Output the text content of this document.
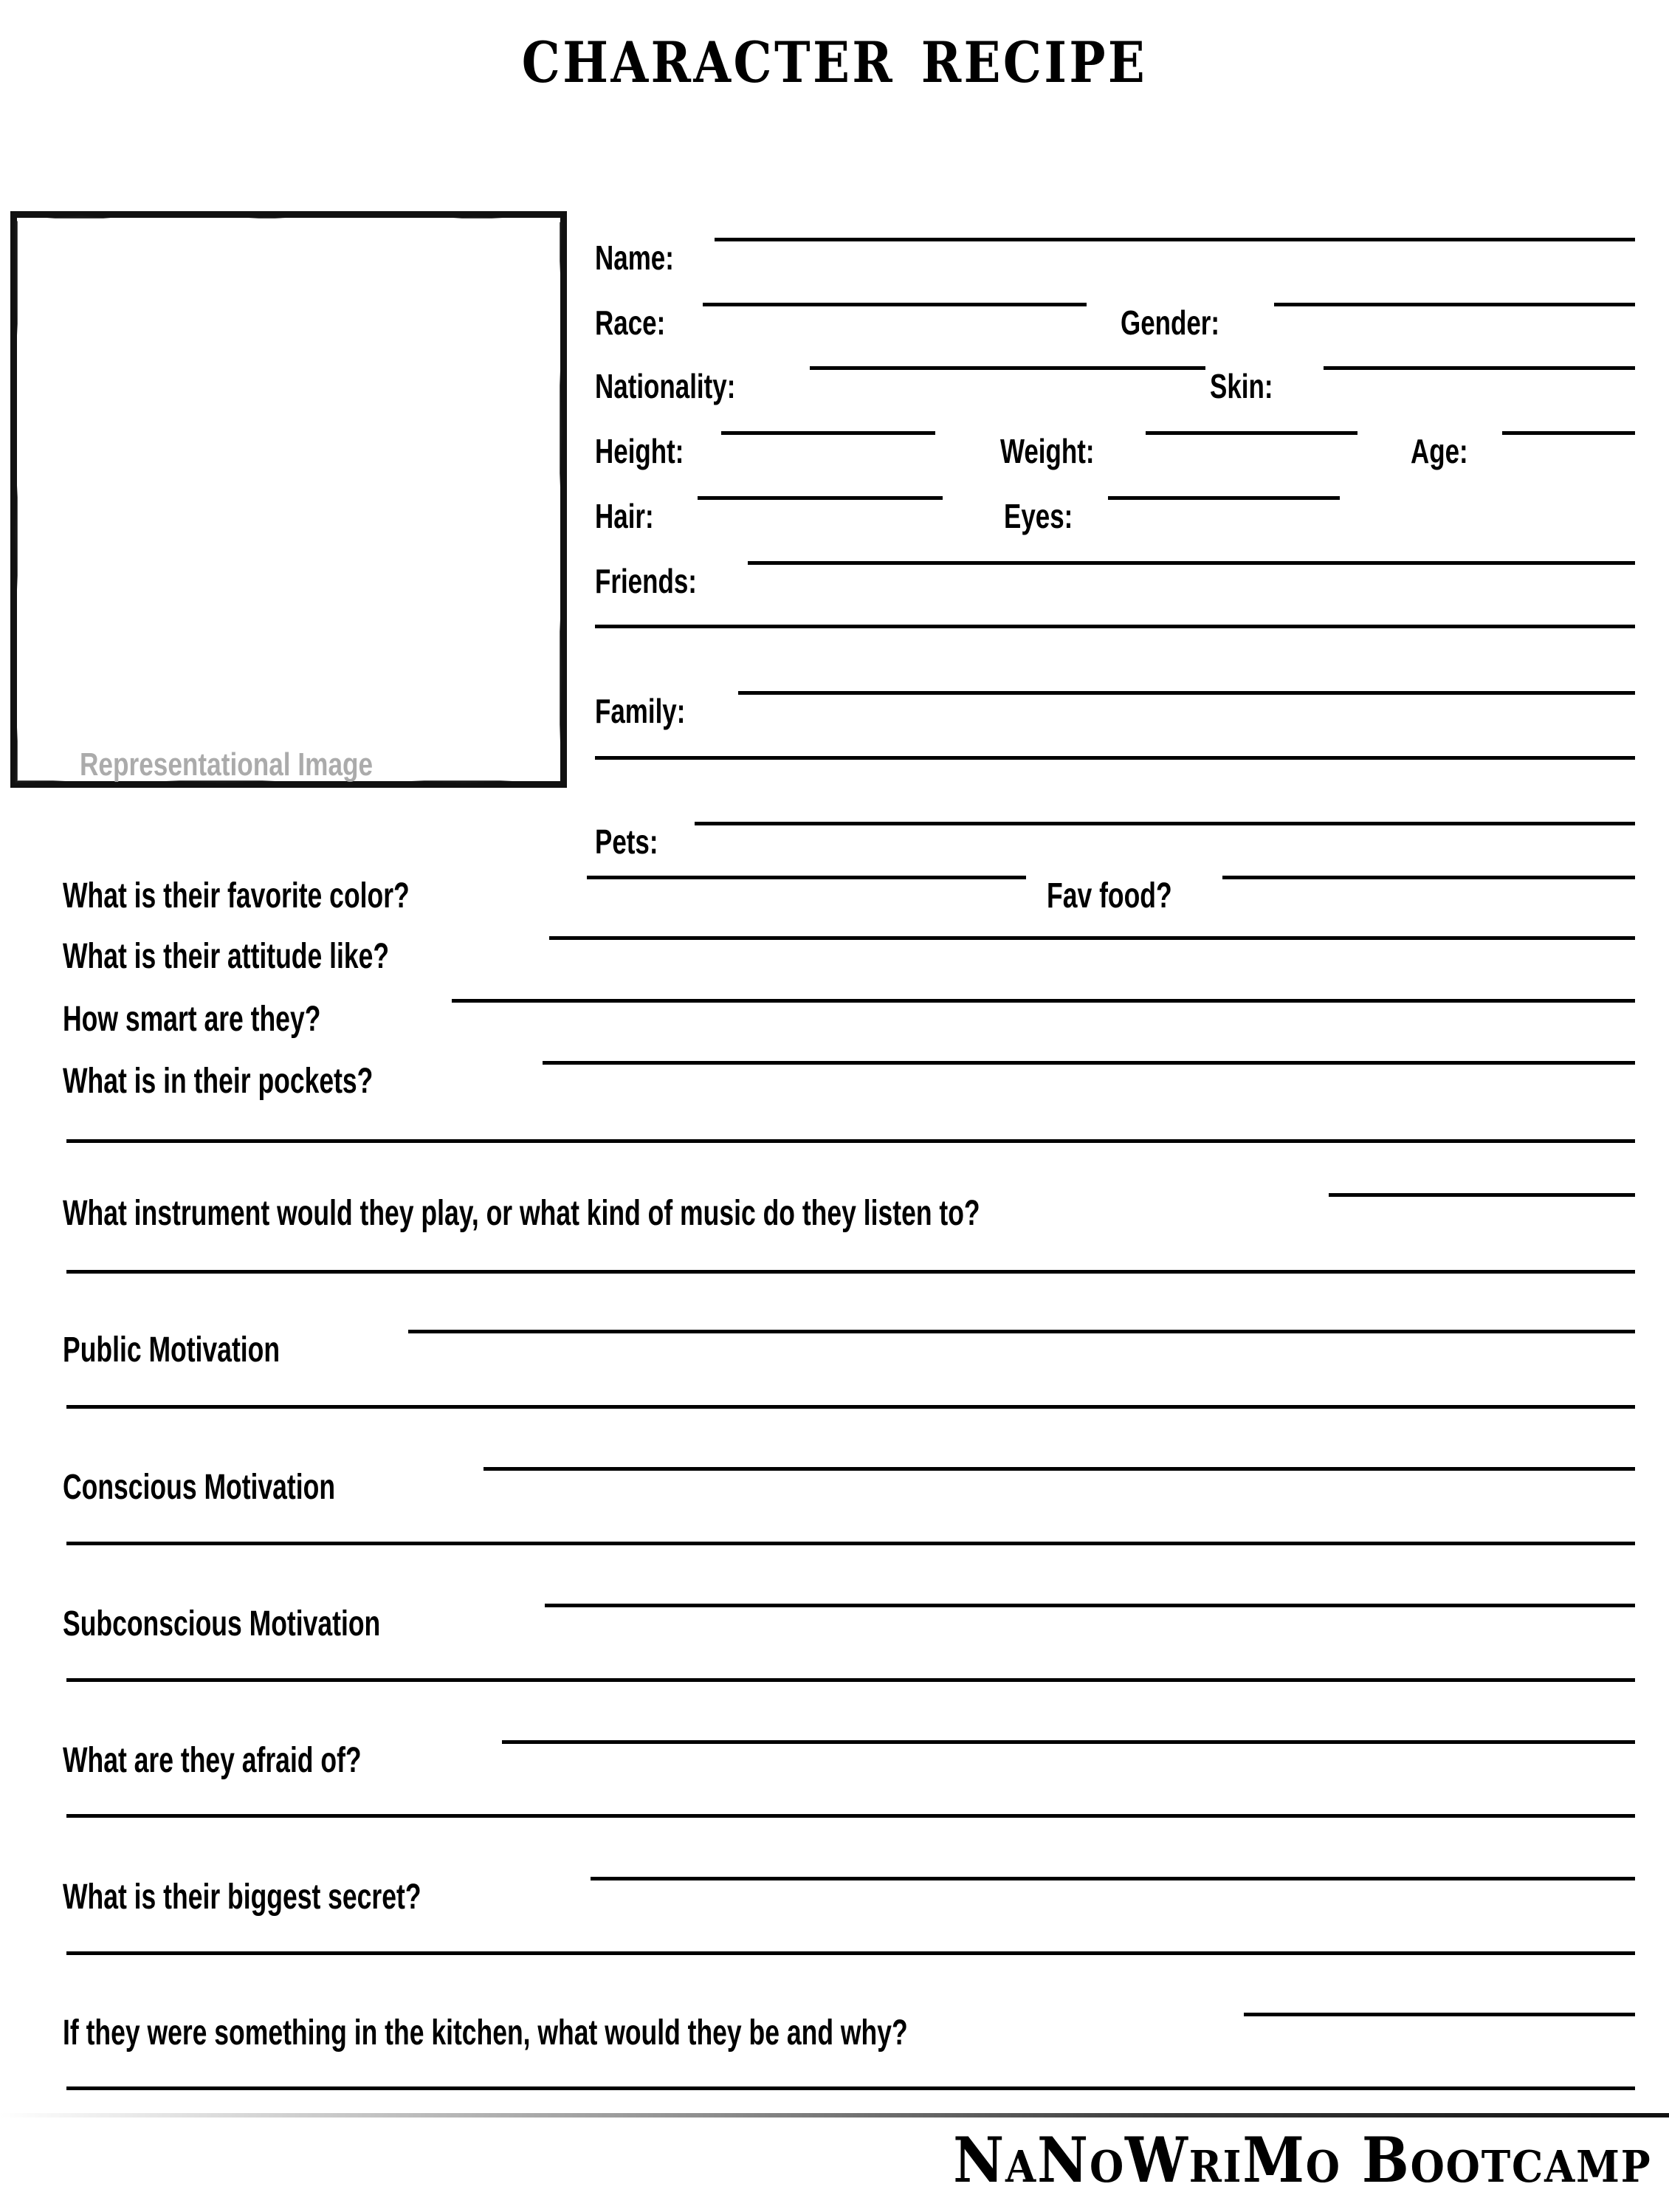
character recipe
Representational Image
Name:
Race:	Gender:
Nationality:	Skin:
Height:	Weight:	Age:
Hair:	Eyes:
Friends:
Family:
Pets:
What is their favorite color?	Fav food?
What is their attitude like?
How smart are they?
What is in their pockets?
What instrument would they play, or what kind of music do they listen to?
Public Motivation
Conscious Motivation
Subconscious Motivation
What are they afraid of?
What is their biggest secret?
If they were something in the kitchen, what would they be and why?
NaNoWriMo Bootcamp
